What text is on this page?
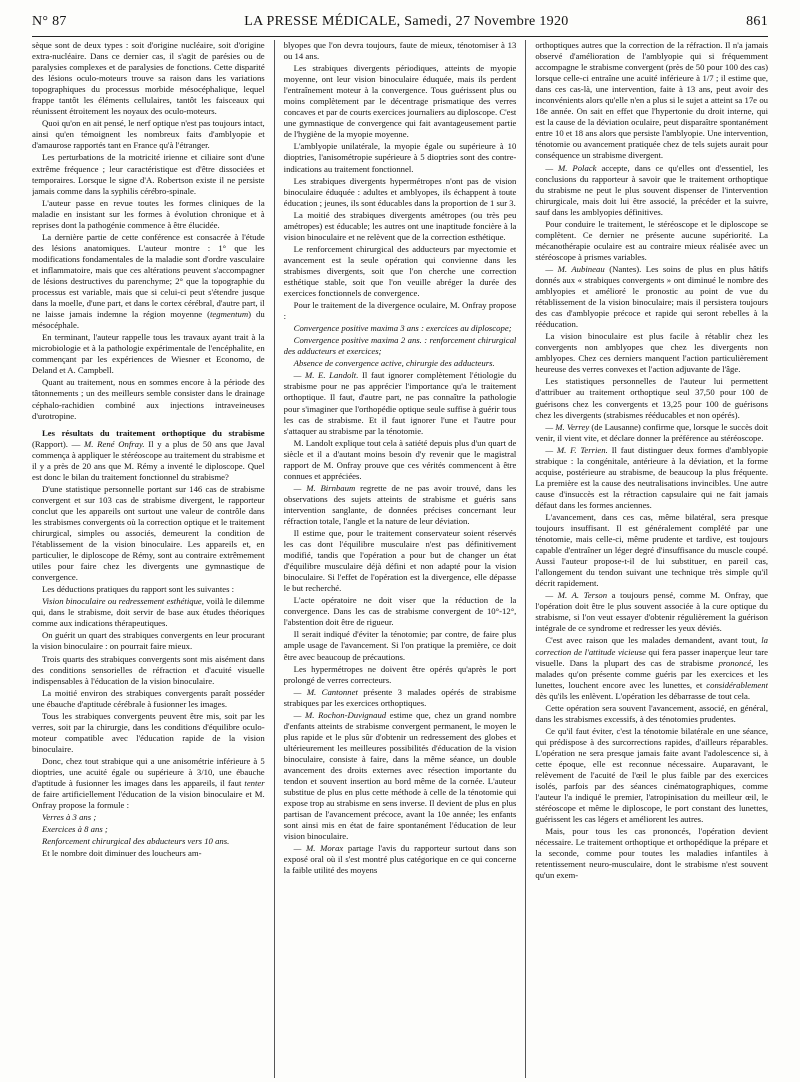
N° 87	LA PRESSE MÉDICALE, Samedi, 27 Novembre 1920	861

sèque sont de deux types : soit d'origine nucléaire, soit d'origine extra-nucléaire. Dans ce dernier cas, il s'agit de parésies ou de paralysies complexes et de paralysies de fonctions. Cette disparité des lésions oculo-moteurs trouve sa raison dans les variations topographiques du processus morbide mésocéphalique, lequel frappe tantôt les éléments cellulaires, tantôt les faisceaux qui réunissent étroitement les noyaux des oculo-moteurs.

Quoi qu'on en ait pensé, le nerf optique n'est pas toujours intact, ainsi qu'en témoignent les nombreux faits d'amblyopie et d'amaurose rapportés tant en France qu'à l'étranger.

Les perturbations de la motricité irienne et ciliaire sont d'une extrême fréquence ; leur caractéristique est d'être dissociées et temporaires. Lorsque le signe d'A. Robertson existe il ne persiste jamais comme dans la syphilis cérébro-spinale.

L'auteur passe en revue toutes les formes cliniques de la maladie en insistant sur les formes à évolution chronique et à reprises dont la pathogénie commence à être élucidée.

La dernière partie de cette conférence est consacrée à l'étude des lésions anatomiques. L'auteur montre : 1° que les modifications fondamentales de la maladie sont d'ordre vasculaire et inflammatoire, mais que ces altérations peuvent s'accompagner de lésions destructives du parenchyme; 2° que la topographie du processus est variable, mais que si celui-ci peut s'étendre jusque dans la moelle, d'une part, et dans le cortex cérébral, d'autre part, il ne laisse jamais indemne la région moyenne (tegmentum) du mésocéphale.

En terminant, l'auteur rappelle tous les travaux ayant trait à la microbiologie et à la pathologie expérimentale de l'encéphalite, en commençant par les expériences de Wiesner et Economo, de Deland et A. Campbell.

Quant au traitement, nous en sommes encore à la période des tâtonnements ; un des meilleurs semble consister dans le drainage céphalo-rachidien combiné aux injections intraveineuses d'urotropine.

Les résultats du traitement orthoptique du strabisme (Rapport). — M. René Onfray. Il y a plus de 50 ans que Javal commença à appliquer le stéréoscope au traitement du strabisme et il y a près de 20 ans que M. Rémy a inventé le diploscope. Quel est donc le bilan du traitement fonctionnel du strabisme?

D'une statistique personnelle portant sur 146 cas de strabisme convergent et sur 103 cas de strabisme divergent, le rapporteur conclut que les appareils ont surtout une valeur de contrôle dans les strabismes convergents où la correction optique et le traitement chirurgical, simples ou associés, demeurent la condition de l'établissement de la vision binoculaire. Les appareils et, en particulier, le diploscope de Rémy, sont au contraire extrêmement utiles pour faire chez les divergents une gymnastique de convergence.

Les déductions pratiques du rapport sont les suivantes :

Vision binoculaire ou redressement esthétique, voilà le dilemme qui, dans le strabisme, doit servir de base aux études théoriques comme aux indications thérapeutiques.

On guérit un quart des strabiques convergents en leur procurant la vision binoculaire : on pourrait faire mieux.

Trois quarts des strabiques convergents sont mis aisément dans des conditions sensorielles de réfraction et d'acuité visuelle indispensables à l'éducation de la vision binoculaire.

La moitié environ des strabiques convergents paraît posséder une ébauche d'aptitude cérébrale à fusionner les images.

Tous les strabiques convergents peuvent être mis, soit par les verres, soit par la chirurgie, dans les conditions d'équilibre oculo-moteur compatible avec l'éducation rapide de la vision binoculaire.

Donc, chez tout strabique qui a une anisométrie inférieure à 5 dioptries, une acuité égale ou supérieure à 3/10, une ébauche d'aptitude à fusionner les images dans les appareils, il faut tenter de faire artificiellement l'éducation de la vision binoculaire et M. Onfray propose la formule :

Verres à 3 ans ;

Exercices à 8 ans ;

Renforcement chirurgical des abducteurs vers 10 ans.

Et le nombre doit diminuer des loucheurs am-

blyopes que l'on devra toujours, faute de mieux, ténotomiser à 13 ou 14 ans.

Les strabiques divergents périodiques, atteints de myopie moyenne, ont leur vision binoculaire éduquée, mais ils perdent l'entraînement moteur à la convergence. Tous guérissent plus ou moins complètement par le décentrage prismatique des verres concaves et par de courts exercices journaliers au diploscope. C'est une gymnastique de convergence qui fait avantageusement partie de l'hygiène de la myopie moyenne.

L'amblyopie unilatérale, la myopie égale ou supérieure à 10 dioptries, l'anisométropie supérieure à 5 dioptries sont des contre-indications au traitement fonctionnel.

Les strabiques divergents hypermétropes n'ont pas de vision binoculaire éduquée : adultes et amblyopes, ils échappent à toute éducation ; jeunes, ils sont éducables dans la proportion de 1 sur 3.

La moitié des strabiques divergents amétropes (ou très peu amétropes) est éducable; les autres ont une inaptitude foncière à la vision binoculaire et ne relèvent que de la correction esthétique.

Le renforcement chirurgical des adducteurs par myectomie et avancement est la seule opération qui convienne dans les strabismes divergents, soit que l'on cherche une correction esthétique stable, soit que l'on veuille abréger la durée des exercices fonctionnels de convergence.

Pour le traitement de la divergence oculaire, M. Onfray propose :

Convergence positive maxima 3 ans : exercices au diploscope;

Convergence positive maxima 2 ans. : renforcement chirurgical des adducteurs et exercices;

Absence de convergence active, chirurgie des adducteurs.

— M. E. Landolt. Il faut ignorer complètement l'étiologie du strabisme pour ne pas apprécier l'importance qu'a le traitement orthoptique. Il faut, d'autre part, ne pas connaître la pathologie pour s'imaginer que l'orthopédie optique seule suffise à guérir tous les cas de strabisme. Et il faut ignorer l'une et l'autre pour s'attaquer au strabisme par la ténotomie.

M. Landolt explique tout cela à satiété depuis plus d'un quart de siècle et il a d'autant moins besoin d'y revenir que le magistral rapport de M. Onfray prouve que ces vérités commencent à être connues et appréciées.

— M. Birnbaum regrette de ne pas avoir trouvé, dans les observations des sujets atteints de strabisme et guéris sans intervention sanglante, de données précises concernant leur réfraction totale, l'angle et la nature de leur déviation.

Il estime que, pour le traitement conservateur soient réservés les cas dont l'équilibre musculaire n'est pas définitivement modifié, tandis que l'opération a pour but de changer un état d'équilibre musculaire déjà défini et non adapté pour la vision binoculaire. Si l'effet de l'opération est la divergence, elle dépasse le but recherché.

L'acte opératoire ne doit viser que la réduction de la convergence. Dans les cas de strabisme convergent de 10°-12°, l'abstention doit être de rigueur.

Il serait indiqué d'éviter la ténotomie; par contre, de faire plus ample usage de l'avancement. Si l'on pratique la première, ce doit être avec beaucoup de précautions.

Les hypermétropes ne doivent être opérés qu'après le port prolongé de verres correcteurs.

— M. Cantonnet présente 3 malades opérés de strabisme strabiques par les exercices orthoptiques.

— M. Rochon-Duvignaud estime que, chez un grand nombre d'enfants atteints de strabisme convergent permanent, le moyen le plus rapide et le plus sûr d'obtenir un redressement des globes et ultérieurement les meilleures possibilités d'éducation de la vision binoculaire, consiste à faire, dans la même séance, un double avancement des droits externes avec résection importante du tendon et souvent insertion au bord même de la cornée. L'auteur substitue de plus en plus cette méthode à celle de la ténotomie qui expose trop au strabisme en sens inverse. Il devient de plus en plus partisan de l'avancement précoce, avant la 10e année; les enfants sont ainsi mis en état de faire spontanément l'éducation de leur vision binoculaire.

— M. Morax partage l'avis du rapporteur surtout dans son exposé oral où il s'est montré plus catégorique en ce qui concerne la faible utilité des moyens

orthoptiques autres que la correction de la réfraction. Il n'a jamais observé d'amélioration de l'amblyopie qui si fréquemment accompagne le strabisme convergent (près de 50 pour 100 des cas) lorsque celle-ci entraîne une acuité inférieure à 1/7 ; il estime que, dans ces cas-là, une intervention, faite à 13 ans, peut avoir des inconvénients alors qu'elle n'en a plus si le sujet a atteint sa 17e ou 18e année. On sait en effet que l'hypertonie du droit interne, qui est la cause de la déviation oculaire, peut disparaître spontanément entre 10 et 18 ans alors que persiste l'amblyopie. Une intervention, ténotomie ou avancement pratiquée chez de tels sujets aurait pour conséquence un strabisme divergent.

— M. Polack accepte, dans ce qu'elles ont d'essentiel, les conclusions du rapporteur à savoir que le traitement orthoptique du strabisme ne peut le plus souvent dispenser de l'intervention chirurgicale, mais doit lui être associé, la précéder et la suivre, sauf dans les amblyopies définitives.

Pour conduire le traitement, le stéréoscope et le diploscope se complètent. Ce dernier ne présente aucune supériorité. La mécanothérapie oculaire est au contraire mieux réalisée avec un stéréoscope à prismes variables.

— M. Aubineau (Nantes). Les soins de plus en plus hâtifs donnés aux « strabiques convergents » ont diminué le nombre des amblyopies et amélioré le pronostic au point de vue du rétablissement de la vision binoculaire; mais il persistera toujours des cas d'amblyopie précoce et rapide qui seront rebelles à la rééducation.

La vision binoculaire est plus facile à rétablir chez les convergents non amblyopes que chez les divergents non amblyopes. Chez ces derniers manquent l'action particulièrement heureuse des verres convexes et l'action adjuvante de l'âge.

Les statistiques personnelles de l'auteur lui permettent d'attribuer au traitement orthoptique seul 37,50 pour 100 de guérisons chez les convergents et 13,25 pour 100 de guérisons chez les divergents (strabismes rééducables et non opérés).

— M. Verrey (de Lausanne) confirme que, lorsque le succès doit venir, il vient vite, et déclare donner la préférence au stéréoscope.

— M. F. Terrien. Il faut distinguer deux formes d'amblyopie strabique : la congénitale, antérieure à la déviation, et la forme acquise, postérieure au strabisme, de beaucoup la plus fréquente. La première est la cause des neutralisations invincibles. Une autre cause d'insuccès est la rétraction capsulaire qui ne fait jamais défaut dans les formes anciennes.

L'avancement, dans ces cas, même bilatéral, sera presque toujours insuffisant. Il est généralement complété par une ténotomie, mais celle-ci, même prudente et tardive, est toujours capable d'entraîner un léger degré d'insuffisance du muscle coupé. Aussi l'auteur propose-t-il de lui substituer, en pareil cas, l'allongement du tendon suivant une technique très simple qu'il décrit rapidement.

— M. A. Terson a toujours pensé, comme M. Onfray, que l'opération doit être le plus souvent associée à la cure optique du strabisme, si l'on veut essayer d'obtenir régulièrement la guérison intégrale de ce syndrome et redresser les yeux déviés.

C'est avec raison que les malades demandent, avant tout, la correction de l'attitude vicieuse qui fera passer inaperçue leur tare visuelle. Dans la plupart des cas de strabisme prononcé, les malades qu'on présente comme guéris par les exercices et les lunettes, louchent encore avec les lunettes, et considérablement dès qu'ils les enlèvent. L'opération les débarrasse de tout cela.

Cette opération sera souvent l'avancement, associé, en général, dans les strabismes excessifs, à des ténotomies prudentes.

Ce qu'il faut éviter, c'est la ténotomie bilatérale en une séance, qui prédispose à des surcorrections rapides, d'ailleurs réparables. L'opération ne sera presque jamais faite avant l'adolescence si, à cette époque, elle est reconnue nécessaire. Auparavant, le relèvement de l'acuité de l'œil le plus faible par des exercices isolés, parfois par des séances cinématographiques, comme l'auteur l'a indiqué le premier, l'atropinisation du meilleur œil, le stéréoscope et même le diploscope, le port constant des lunettes, guérissent les cas légers et améliorent les autres.

Mais, pour tous les cas prononcés, l'opération devient nécessaire. Le traitement orthoptique et orthopédique la prépare et la seconde, comme pour toutes les maladies infantiles à retentissement neuro-musculaire, dont le strabisme n'est souvent qu'un exem-
